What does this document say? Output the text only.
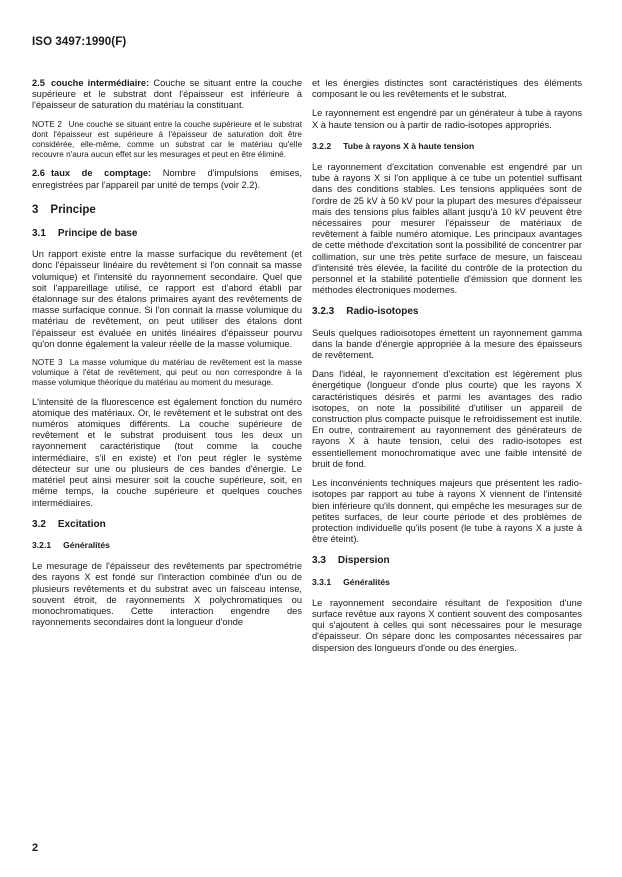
ISO 3497:1990(F)

2.5 couche intermédiaire: Couche se situant entre la couche supérieure et le substrat dont l'épaisseur est inférieure à l'épaisseur de saturation du matériau la constituant.

NOTE 2 Une couche se situant entre la couche supérieure et le substrat dont l'épaisseur est supérieure à l'épaisseur de saturation doit être considérée, elle-même, comme un substrat car le matériau qu'elle recouvre n'aura aucun effet sur les mesurages et peut en être éliminé.

2.6 taux de comptage: Nombre d'impulsions émises, enregistrées par l'appareil par unité de temps (voir 2.2).

3 Principe
3.1 Principe de base

Un rapport existe entre la masse surfacique du revêtement (et donc l'épaisseur linéaire du revêtement si l'on connait sa masse volumique) et l'intensité du rayonnement secondaire. Quel que soit l'appareillage utilisé, ce rapport est d'abord établi par étalonnage sur des étalons primaires ayant des revêtements de masse surfacique connue. Si l'on connait la masse volumique du matériau de revêtement, on peut utiliser des étalons dont l'épaisseur est évaluée en unités linéaires d'épaisseur pourvu qu'on donne également la valeur réelle de la masse volumique.

NOTE 3 La masse volumique du matériau de revêtement est la masse volumique à l'état de revêtement, qui peut ou non correspondre à la masse volumique théorique du matériau au moment du mesurage.

L'intensité de la fluorescence est également fonction du numéro atomique des matériaux. Or, le revêtement et le substrat ont des numéros atomiques différents. La couche supérieure de revêtement et le substrat produisent tous les deux un rayonnement caractéristique (tout comme la couche intermédiaire, s'il en existe) et l'on peut régler le système détecteur sur une ou plusieurs de ces bandes d'énergie. Le matériel peut ainsi mesurer soit la couche supérieure, soit, en même temps, la couche supérieure et quelques couches intermédiaires.

3.2 Excitation
3.2.1 Généralités

Le mesurage de l'épaisseur des revêtements par spectrométrie des rayons X est fondé sur l'interaction combinée d'un ou de plusieurs revêtements et du substrat avec un faisceau intense, souvent étroit, de rayonnements X polychromatiques ou monochromatiques. Cette interaction engendre des rayonnements secondaires dont la longueur d'onde

et les énergies distinctes sont caractéristiques des éléments composant le ou les revêtements et le substrat.

Le rayonnement est engendré par un générateur à tube à rayons X à haute tension ou à partir de radio-isotopes appropriés.

3.2.2 Tube à rayons X à haute tension

Le rayonnement d'excitation convenable est engendré par un tube à rayons X si l'on applique à ce tube un potentiel suffisant dans des conditions stables. Les tensions appliquées sont de l'ordre de 25 kV à 50 kV pour la plupart des mesures d'épaisseur mais des tensions plus faibles allant jusqu'à 10 kV peuvent être nécessaires pour mesurer l'épaisseur de matériaux de revêtement à faible numéro atomique. Les principaux avantages de cette méthode d'excitation sont la possibilité de concentrer par collimation, sur une très petite surface de mesure, un faisceau d'intensité très élevée, la facilité du contrôle de la protection du personnel et la stabilité potentielle d'émission que donnent les méthodes électroniques modernes.

3.2.3 Radio-isotopes

Seuls quelques radioisotopes émettent un rayonnement gamma dans la bande d'énergie appropriée à la mesure des épaisseurs de revêtement.

Dans l'idéal, le rayonnement d'excitation est légèrement plus énergétique (longueur d'onde plus courte) que les rayons X caractéristiques désirés et parmi les avantages des radio isotopes, on note la possibilité d'utiliser un appareil de construction plus compacte puisque le refroidissement est inutile. En outre, contrairement au rayonnement des générateurs de rayons X à haute tension, celui des radio-isotopes est essentiellement monochromatique avec une faible intensité de bruit de fond.

Les inconvénients techniques majeurs que présentent les radio-isotopes par rapport au tube à rayons X viennent de l'intensité bien inférieure qu'ils donnent, qui empêche les mesurages sur de petites surfaces, de leur courte période et des problèmes de protection individuelle qu'ils posent (le tube à rayons X a juste à être éteint).

3.3 Dispersion
3.3.1 Généralités

Le rayonnement secondaire résultant de l'exposition d'une surface revêtue aux rayons X contient souvent des composantes qui s'ajoutent à celles qui sont nécessaires pour le mesurage d'épaisseur. On sépare donc les composantes nécessaires par dispersion des longueurs d'onde ou des énergies.

2
